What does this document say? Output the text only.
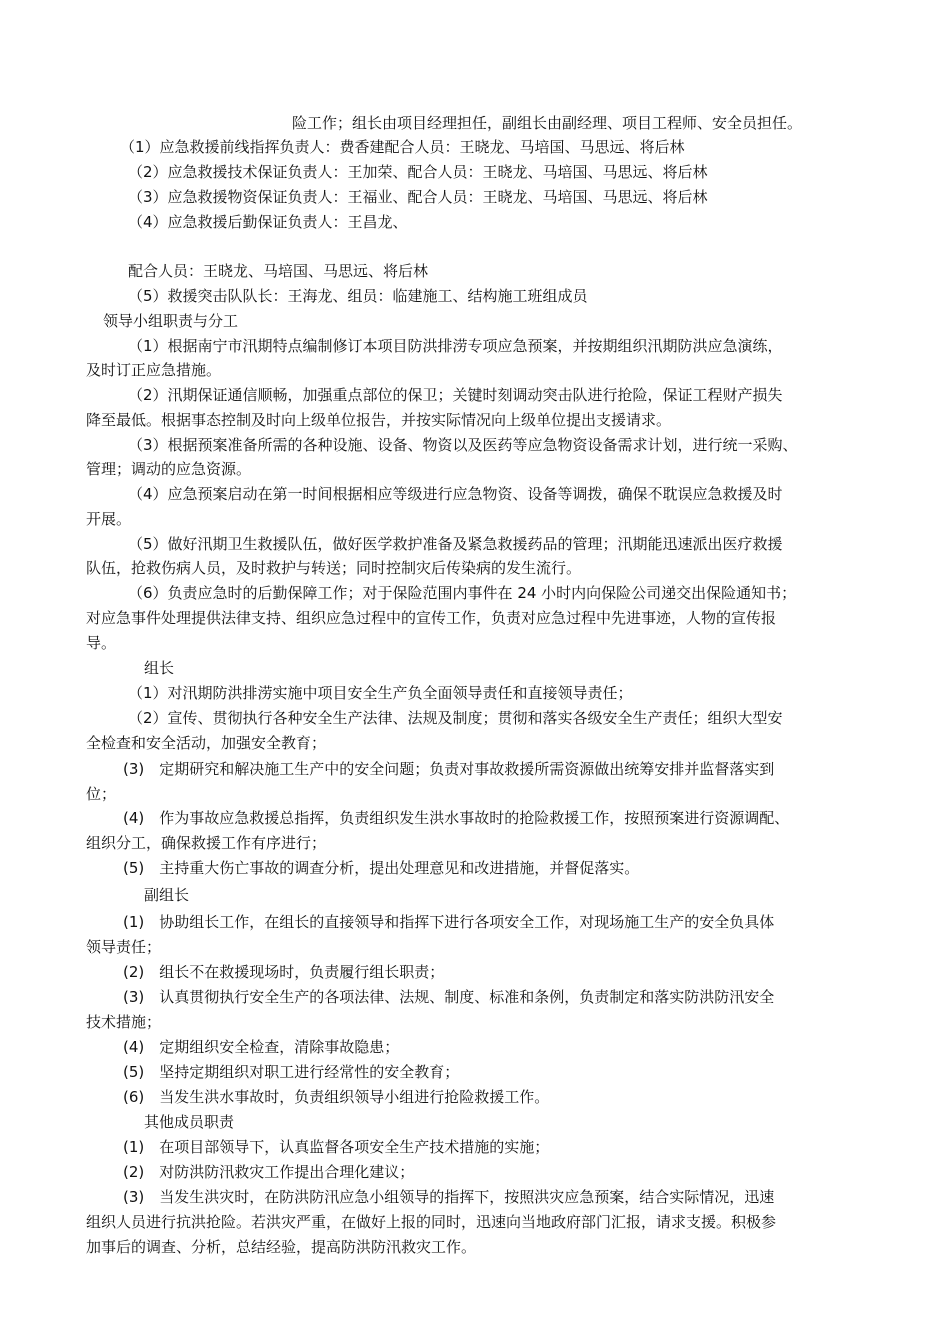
险工作；组长由项目经理担任，副组长由副经理、项目工程师、安全员担任。
（1）应急救援前线指挥负责人：费香建配合人员：王晓龙、马培国、马思远、将后林
（2）应急救援技术保证负责人：王加荣、配合人员：王晓龙、马培国、马思远、将后林
（3）应急救援物资保证负责人：王福业、配合人员：王晓龙、马培国、马思远、将后林
（4）应急救援后勤保证负责人：王昌龙、
配合人员：王晓龙、马培国、马思远、将后林
（5）救援突击队队长：王海龙、组员：临建施工、结构施工班组成员
领导小组职责与分工
（1）根据南宁市汛期特点编制修订本项目防洪排涝专项应急预案，并按期组织汛期防洪应急演练，
及时订正应急措施。
（2）汛期保证通信顺畅，加强重点部位的保卫；关键时刻调动突击队进行抢险，保证工程财产损失
降至最低。根据事态控制及时向上级单位报告，并按实际情况向上级单位提出支援请求。
（3）根据预案准备所需的各种设施、设备、物资以及医药等应急物资设备需求计划，进行统一采购、
管理；调动的应急资源。
（4）应急预案启动在第一时间根据相应等级进行应急物资、设备等调拨，确保不耽误应急救援及时
开展。
（5）做好汛期卫生救援队伍，做好医学救护准备及紧急救援药品的管理；汛期能迅速派出医疗救援
队伍，抢救伤病人员，及时救护与转送；同时控制灾后传染病的发生流行。
（6）负责应急时的后勤保障工作；对于保险范围内事件在 24 小时内向保险公司递交出保险通知书；
对应急事件处理提供法律支持、组织应急过程中的宣传工作，负责对应急过程中先进事迹，人物的宣传报
导。
组长
（1）对汛期防洪排涝实施中项目安全生产负全面领导责任和直接领导责任；
（2）宣传、贯彻执行各种安全生产法律、法规及制度；贯彻和落实各级安全生产责任；组织大型安
全检查和安全活动，加强安全教育；
(3)　定期研究和解决施工生产中的安全问题；负责对事故救援所需资源做出统筹安排并监督落实到
位；
(4)　作为事故应急救援总指挥，负责组织发生洪水事故时的抢险救援工作，按照预案进行资源调配、
组织分工，确保救援工作有序进行；
(5)　主持重大伤亡事故的调查分析，提出处理意见和改进措施，并督促落实。
副组长
(1)　协助组长工作，在组长的直接领导和指挥下进行各项安全工作，对现场施工生产的安全负具体
领导责任；
(2)　组长不在救援现场时，负责履行组长职责；
(3)　认真贯彻执行安全生产的各项法律、法规、制度、标准和条例，负责制定和落实防洪防汛安全
技术措施；
(4)　定期组织安全检查，清除事故隐患；
(5)　坚持定期组织对职工进行经常性的安全教育；
(6)　当发生洪水事故时，负责组织领导小组进行抢险救援工作。
其他成员职责
(1)　在项目部领导下，认真监督各项安全生产技术措施的实施；
(2)　对防洪防汛救灾工作提出合理化建议；
(3)　当发生洪灾时，在防洪防汛应急小组领导的指挥下，按照洪灾应急预案，结合实际情况，迅速
组织人员进行抗洪抢险。若洪灾严重，在做好上报的同时，迅速向当地政府部门汇报，请求支援。积极参
加事后的调查、分析，总结经验，提高防洪防汛救灾工作。
